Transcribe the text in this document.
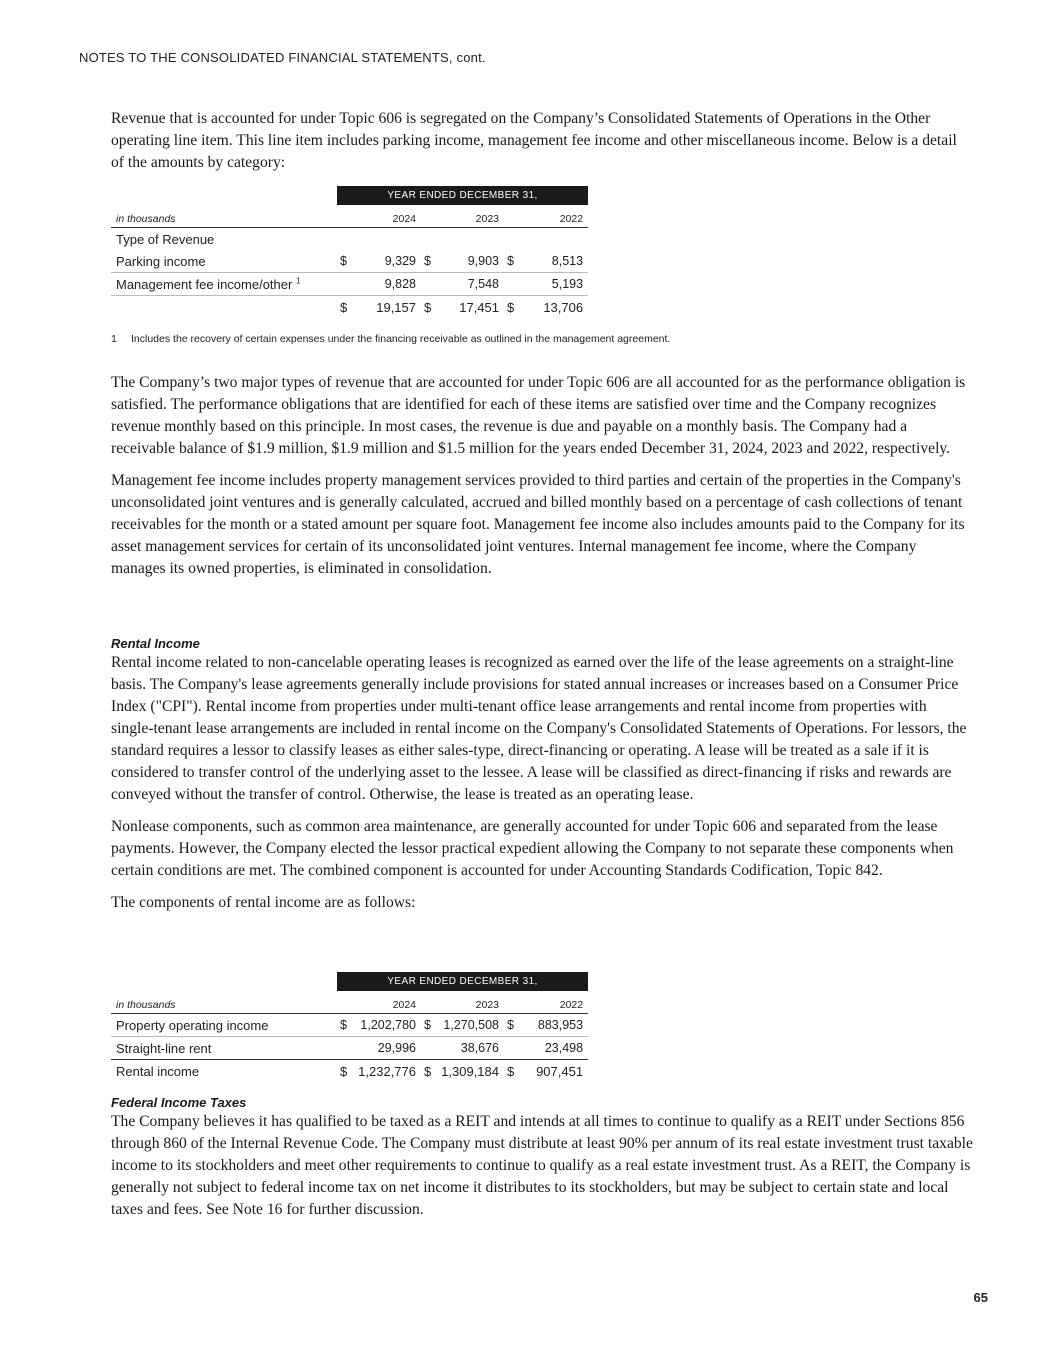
NOTES TO THE CONSOLIDATED FINANCIAL STATEMENTS, cont.

Revenue that is accounted for under Topic 606 is segregated on the Company’s Consolidated Statements of Operations in the Other operating line item. This line item includes parking income, management fee income and other miscellaneous income. Below is a detail of the amounts by category:

	YEAR ENDED DECEMBER 31,					
in thousands		2024		2023		2022
Type of Revenue						
Parking income	$	9,329	$	9,903	$	8,513
Management fee income/other $^1$		9,828		7,548		5,193
	$	19,157	$	17,451	$	13,706
1 Includes the recovery of certain expenses under the financing receivable as outlined in the management agreement.

The Company’s two major types of revenue that are accounted for under Topic 606 are all accounted for as the performance obligation is satisfied. The performance obligations that are identified for each of these items are satisfied over time and the Company recognizes revenue monthly based on this principle. In most cases, the revenue is due and payable on a monthly basis. The Company had a receivable balance of $1.9 million, $1.9 million and $1.5 million for the years ended December 31, 2024, 2023 and 2022, respectively.

Management fee income includes property management services provided to third parties and certain of the properties in the Company's unconsolidated joint ventures and is generally calculated, accrued and billed monthly based on a percentage of cash collections of tenant receivables for the month or a stated amount per square foot. Management fee income also includes amounts paid to the Company for its asset management services for certain of its unconsolidated joint ventures. Internal management fee income, where the Company manages its owned properties, is eliminated in consolidation.

Rental Income

Rental income related to non-cancelable operating leases is recognized as earned over the life of the lease agreements on a straight-line basis. The Company's lease agreements generally include provisions for stated annual increases or increases based on a Consumer Price Index ("CPI"). Rental income from properties under multi-tenant office lease arrangements and rental income from properties with single-tenant lease arrangements are included in rental income on the Company's Consolidated Statements of Operations. For lessors, the standard requires a lessor to classify leases as either sales-type, direct-financing or operating. A lease will be treated as a sale if it is considered to transfer control of the underlying asset to the lessee. A lease will be classified as direct-financing if risks and rewards are conveyed without the transfer of control. Otherwise, the lease is treated as an operating lease.

Nonlease components, such as common area maintenance, are generally accounted for under Topic 606 and separated from the lease payments. However, the Company elected the lessor practical expedient allowing the Company to not separate these components when certain conditions are met. The combined component is accounted for under Accounting Standards Codification, Topic 842.

The components of rental income are as follows:

	YEAR ENDED DECEMBER 31,					
in thousands		2024		2023		2022
Property operating income	$	1,202,780	$	1,270,508	$	883,953
Straight-line rent		29,996		38,676		23,498
Rental income	$	1,232,776	$	1,309,184	$	907,451

Federal Income Taxes

The Company believes it has qualified to be taxed as a REIT and intends at all times to continue to qualify as a REIT under Sections 856 through 860 of the Internal Revenue Code. The Company must distribute at least 90% per annum of its real estate investment trust taxable income to its stockholders and meet other requirements to continue to qualify as a real estate investment trust. As a REIT, the Company is generally not subject to federal income tax on net income it distributes to its stockholders, but may be subject to certain state and local taxes and fees. See Note 16 for further discussion.

65
